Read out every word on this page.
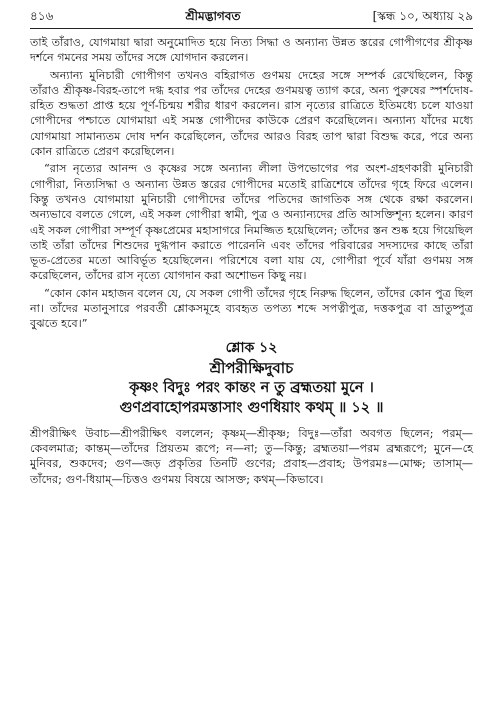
৪১৬	শ্রীমদ্ভাগবত	[স্কন্ধ ১০, অধ্যায় ২৯

তাই তাঁরাও, যোগমায়া দ্বারা অনুমোদিত হয়ে নিত্য সিদ্ধা ও অন্যান্য উন্নত স্তরের গোপীগণের শ্রীকৃষ্ণ দর্শনে গমনের সময় তাঁদের সঙ্গে যোগদান করলেন।

অন্যান্য মুনিচারী গোপীগণ তখনও বহিরাগত গুণময় দেহের সঙ্গে সম্পর্ক রেখেছিলেন, কিন্তু তাঁরাও শ্রীকৃষ্ণ-বিরহ-তাপে দগ্ধ হবার পর তাঁদের দেহের গুণময়ত্ব ত্যাগ করে, অন্য পুরুষের স্পর্শদোষ-রহিত শুদ্ধতা প্রাপ্ত হয়ে পূর্ণ-চিন্ময় শরীর ধারণ করলেন। রাস নৃত্যের রাত্রিতে ইতিমধ্যে চলে যাওয়া গোপীদের পশ্চাতে যোগমায়া এই সমস্ত গোপীদের কাউকে প্রেরণ করেছিলেন। অন্যান্য যাঁদের মধ্যে যোগমায়া সামান্যতম দোষ দর্শন করেছিলেন, তাঁদের আরও বিরহ তাপ দ্বারা বিশুদ্ধ করে, পরে অন্য কোন রাত্রিতে প্রেরণ করেছিলেন।

“রাস নৃত্যের আনন্দ ও কৃষ্ণের সঙ্গে অন্যান্য লীলা উপভোগের পর অংশ-গ্রহণকারী মুনিচারী গোপীরা, নিত্যসিদ্ধা ও অন্যান্য উন্নত স্তরের গোপীদের মতোই রাত্রিশেষে তাঁদের গৃহে ফিরে এলেন। কিন্তু তখনও যোগমায়া মুনিচারী গোপীদের তাঁদের পতিদের জাগতিক সঙ্গ থেকে রক্ষা করলেন। অন্যভাবে বলতে গেলে, এই সকল গোপীরা স্বামী, পুত্র ও অন্যান্যদের প্রতি আসক্তিশূন্য হলেন। কারণ এই সকল গোপীরা সম্পূর্ণ কৃষ্ণপ্রেমের মহাসাগরে নিমজ্জিত হয়েছিলেন; তাঁদের স্তন শুষ্ক হয়ে গিয়েছিল তাই তাঁরা তাঁদের শিশুদের দুগ্ধপান করাতে পারেননি এবং তাঁদের পরিবারের সদস্যদের কাছে তাঁরা ভূত-প্রেতের মতো আবির্ভূত হয়েছিলেন। পরিশেষে বলা যায় যে, গোপীরা পূর্বে যাঁরা গুণময় সঙ্গ করেছিলেন, তাঁদের রাস নৃত্যে যোগদান করা অশোভন কিছু নয়।

“কোন কোন মহাজন বলেন যে, যে সকল গোপী তাঁদের গৃহে নিরুদ্ধ ছিলেন, তাঁদের কোন পুত্র ছিল না। তাঁদের মতানুসারে পরবর্তী শ্লোকসমূহে ব্যবহৃত তপত্য শব্দে সপত্নীপুত্র, দত্তকপুত্র বা ভ্রাতুষ্পুত্র বুঝতে হবে।”

শ্লোক ১২
শ্রীপরীক্ষিদুবাচ
কৃষ্ণং বিদুঃ পরং কান্তং ন তু ব্রহ্মতয়া মুনে ।
গুণপ্রবাহোপরমস্তাসাং গুণধিয়াং কথম্‌ ॥ ১২ ॥

শ্রীপরীক্ষিৎ উবাচ—শ্রীপরীক্ষিৎ বললেন; কৃষ্ণম্—শ্রীকৃষ্ণ; বিদুঃ—তাঁরা অবগত ছিলেন; পরম্—কেবলমাত্র; কান্তম্—তাঁদের প্রিয়তম রূপে; ন—না; তু—কিন্তু; ব্রহ্মতয়া—পরম ব্রহ্মরূপে; মুনে—হে মুনিবর, শুকদেব; গুণ—জড় প্রকৃতির তিনটি গুণের; প্রবাহ—প্রবাহ; উপরমঃ—মোক্ষ; তাসাম্—তাঁদের; গুণ-ধিয়াম্—চিত্তও গুণময় বিষয়ে আসক্ত; কথম্—কিভাবে।
